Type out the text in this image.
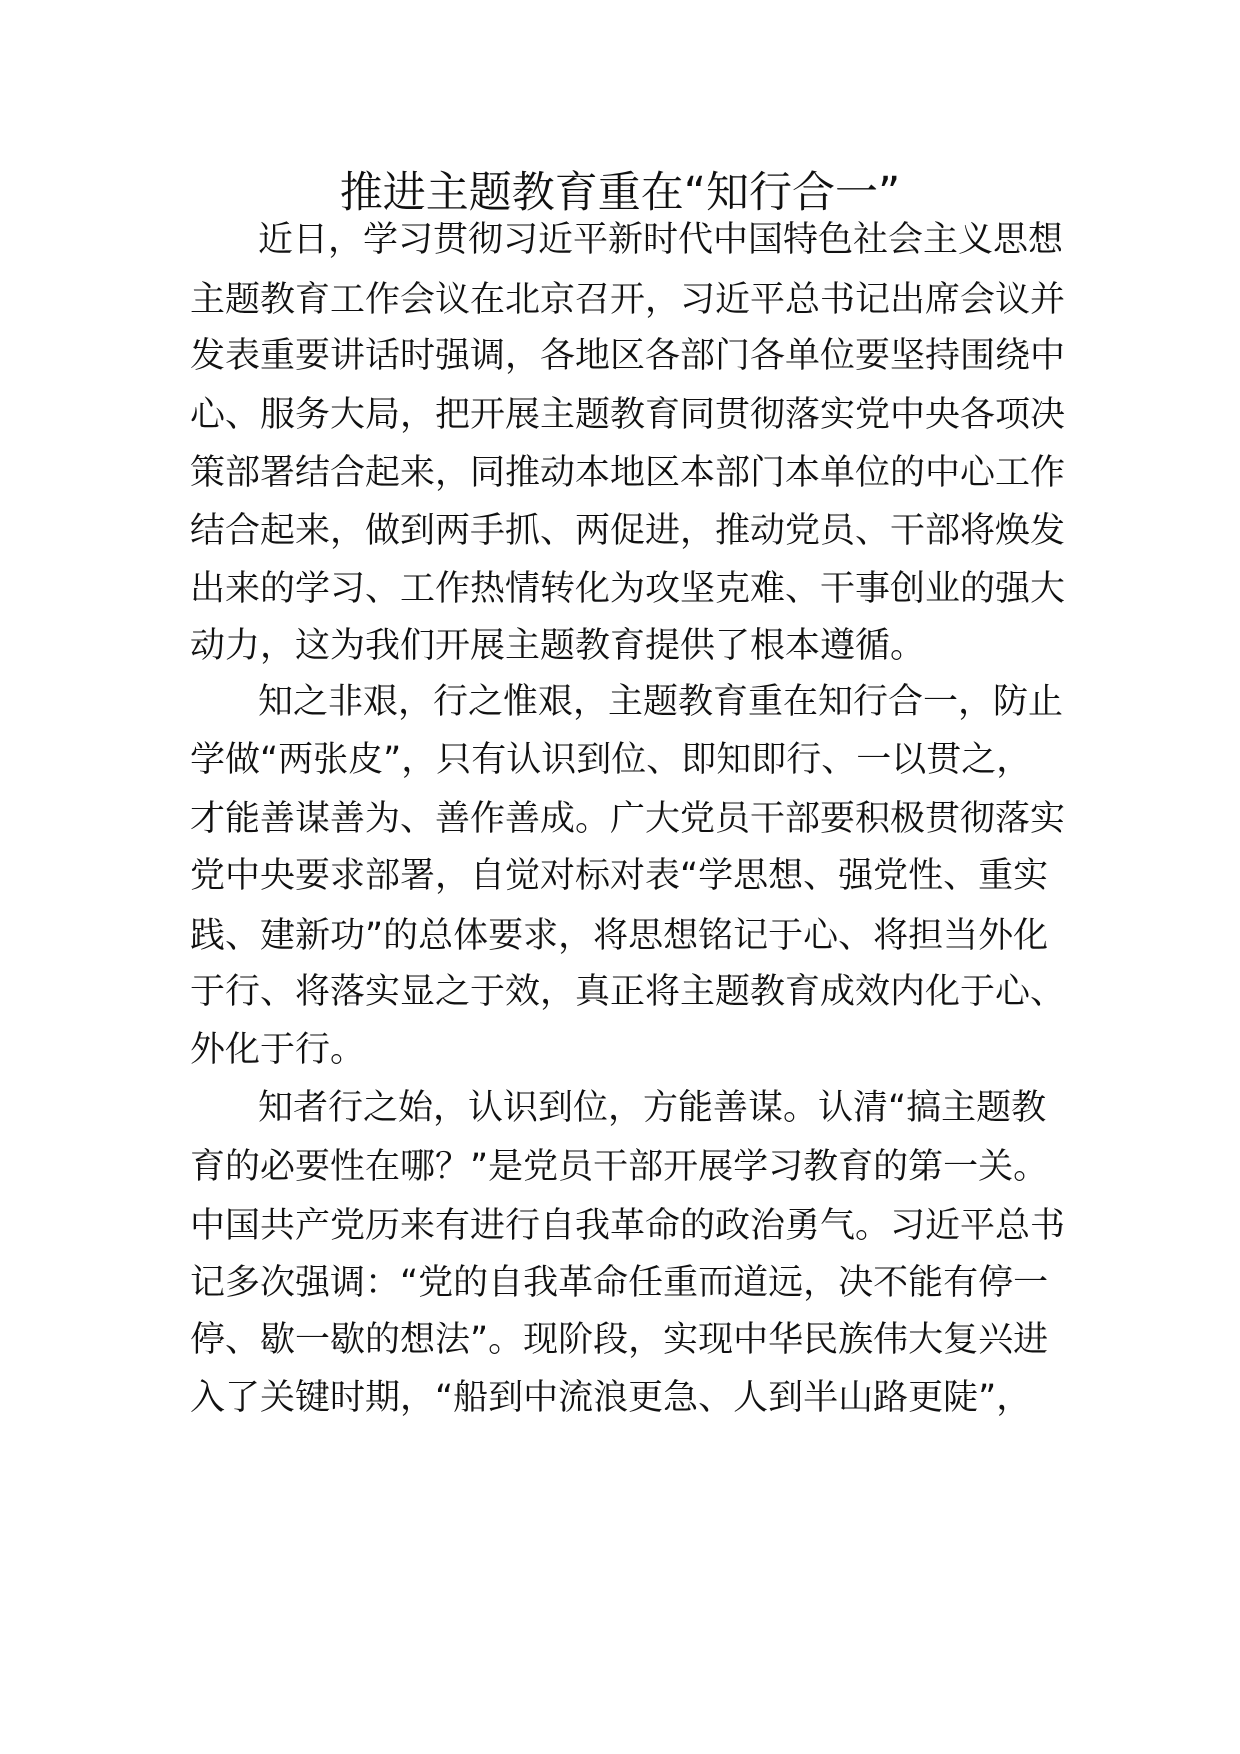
推进主题教育重在“知行合一”

近日，学习贯彻习近平新时代中国特色社会主义思想

主题教育工作会议在北京召开，习近平总书记出席会议并

发表重要讲话时强调，各地区各部门各单位要坚持围绕中

心、服务大局，把开展主题教育同贯彻落实党中央各项决

策部署结合起来，同推动本地区本部门本单位的中心工作

结合起来，做到两手抓、两促进，推动党员、干部将焕发

出来的学习、工作热情转化为攻坚克难、干事创业的强大

动力，这为我们开展主题教育提供了根本遵循。

知之非艰，行之惟艰，主题教育重在知行合一，防止

学做“两张皮”，只有认识到位、即知即行、一以贯之，

才能善谋善为、善作善成。广大党员干部要积极贯彻落实

党中央要求部署，自觉对标对表“学思想、强党性、重实

践、建新功”的总体要求，将思想铭记于心、将担当外化

于行、将落实显之于效，真正将主题教育成效内化于心、

外化于行。

知者行之始，认识到位，方能善谋。认清“搞主题教

育的必要性在哪？”是党员干部开展学习教育的第一关。

中国共产党历来有进行自我革命的政治勇气。习近平总书

记多次强调：“党的自我革命任重而道远，决不能有停一

停、歇一歇的想法”。现阶段，实现中华民族伟大复兴进

入了关键时期，“船到中流浪更急、人到半山路更陡”，
